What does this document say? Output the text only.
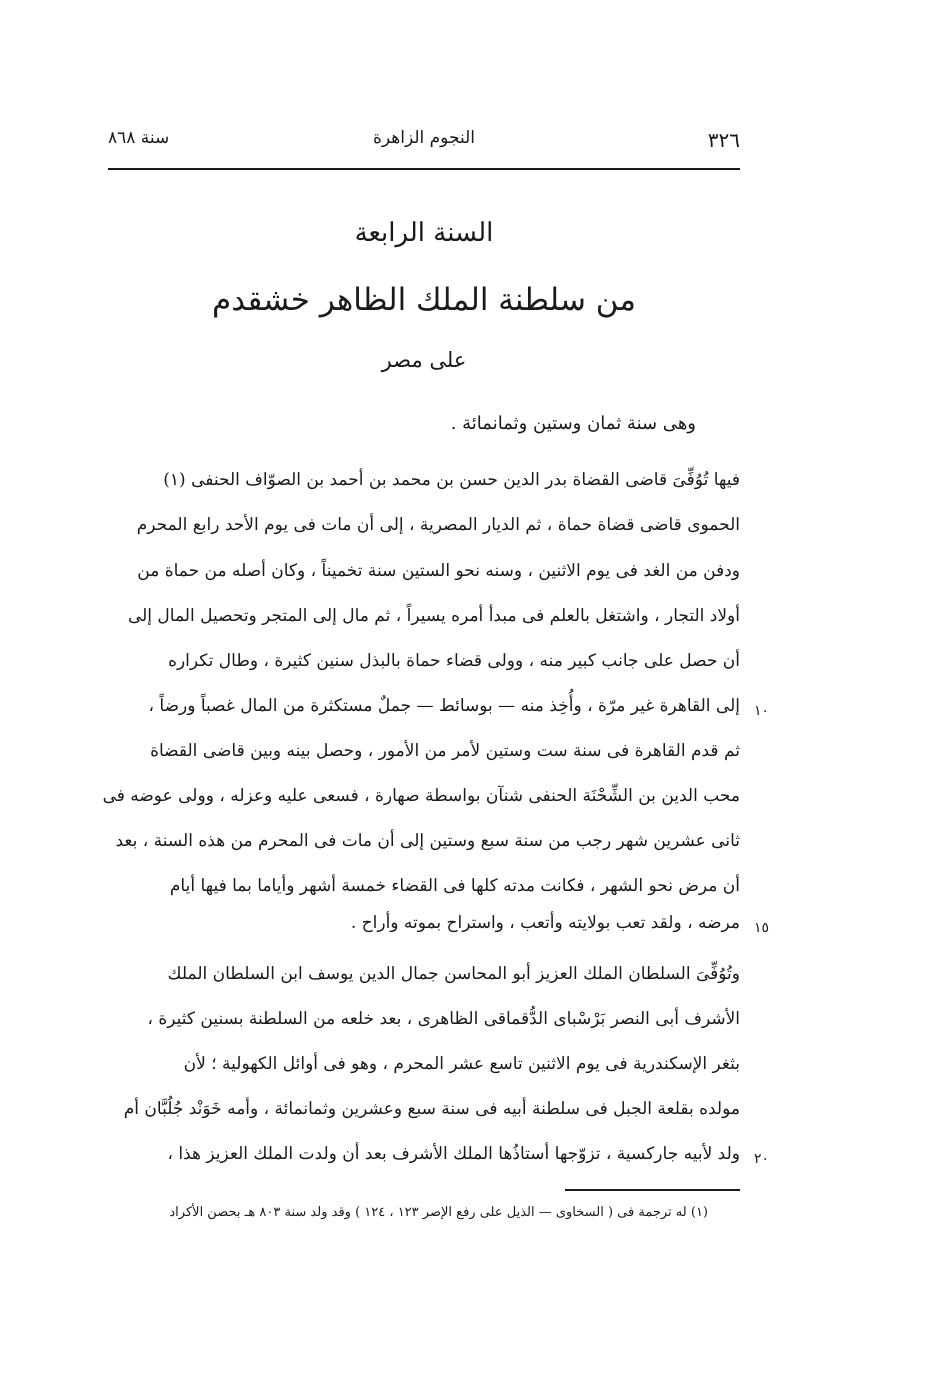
٣٢٦
النجوم الزاهرة
سنة ٨٦٨
السنة الرابعة
من سلطنة الملك الظاهر خشقدم
على مصر
وهى سنة ثمان وستين وثمانمائة .
فيها تُوُفِّىَ قاضى القضاة بدر الدين حسن بن محمد بن أحمد بن الصوّاف الحنفى (١)
الحموى قاضى قضاة حماة ، ثم الديار المصرية ، إلى أن مات فى يوم الأحد رابع المحرم
ودفن من الغد فى يوم الاثنين ، وسنه نحو الستين سنة تخميناً ، وكان أصله من حماة من
أولاد التجار ، واشتغل بالعلم فى مبدأ أمره يسيراً ، ثم مال إلى المتجر وتحصيل المال إلى
أن حصل على جانب كبير منه ، وولى قضاء حماة بالبذل سنين كثيرة ، وطال تكراره
إلى القاهرة غير مرّة ، وأُخِذ منه — بوسائط — جملٌ مستكثرة من المال غصباً ورضاً ،
ثم قدم القاهرة فى سنة ست وستين لأمر من الأمور ، وحصل بينه وبين قاضى القضاة
محب الدين بن الشِّحْنَة الحنفى شنآن بواسطة صهارة ، فسعى عليه وعزله ، وولى عوضه فى
ثانى عشرين شهر رجب من سنة سبع وستين إلى أن مات فى المحرم من هذه السنة ، بعد
أن مرض نحو الشهر ، فكانت مدته كلها فى القضاء خمسة أشهر وأياما بما فيها أيام
مرضه ، ولقد تعب بولايته وأتعب ، واستراح بموته وأراح .
وتُوُفِّىَ السلطان الملك العزيز أبو المحاسن جمال الدين يوسف ابن السلطان الملك
الأشرف أبى النصر بَرْسْباى الدُّقماقى الظاهرى ، بعد خلعه من السلطنة بسنين كثيرة ،
بثغر الإسكندرية فى يوم الاثنين تاسع عشر المحرم ، وهو فى أوائل الكهولية ؛ لأن
مولده بقلعة الجبل فى سلطنة أبيه فى سنة سبع وعشرين وثمانمائة ، وأمه خَوَنْد جُلُبَّان أم
ولد لأبيه جاركسية ، تزوّجها أستاذُها الملك الأشرف بعد أن ولدت الملك العزيز هذا ،
١٠
١٥
٢٠
(١) له ترجمة فى ( السخاوى — الذيل على رفع الإصر ١٢٣ ، ١٢٤ ) وقد ولد سنة ٨٠٣ هـ بحصن الأكراد
